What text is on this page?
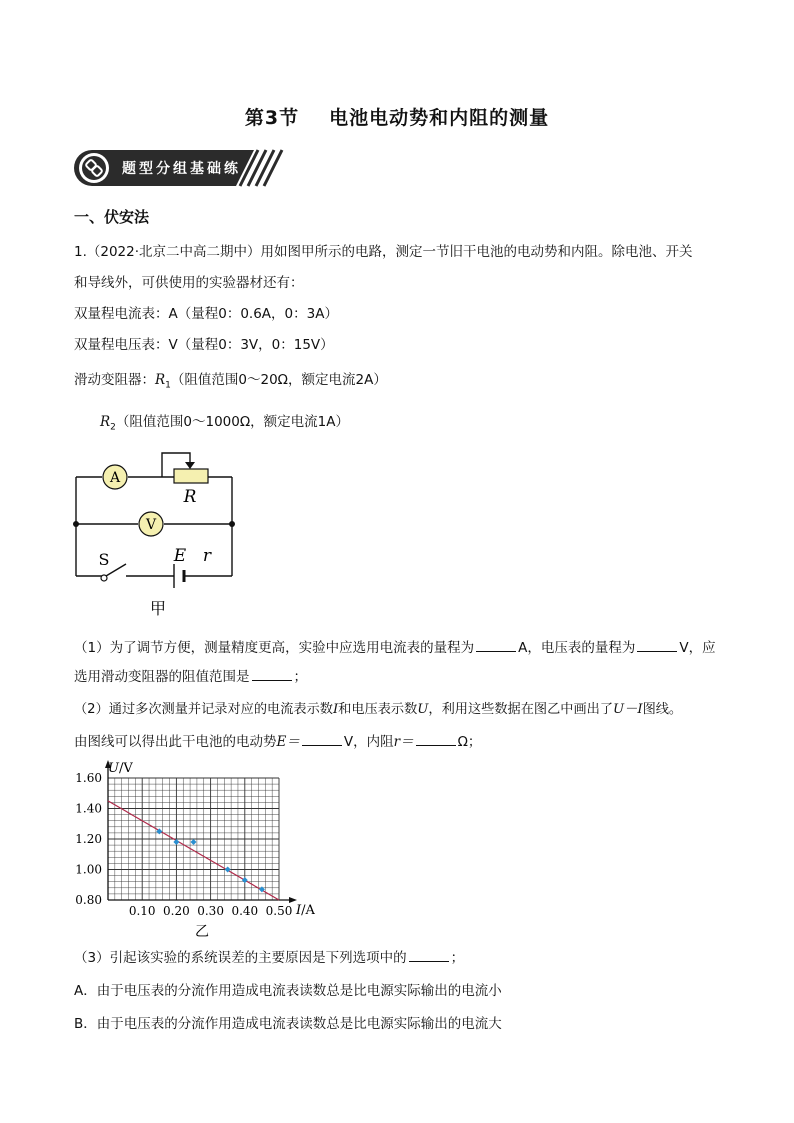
第3节 电池电动势和内阻的测量
题型分组基础练
一、伏安法
1.（2022·北京二中高二期中）用如图甲所示的电路，测定一节旧干电池的电动势和内阻。除电池、开关
和导线外，可供使用的实验器材还有：
双量程电流表：A（量程0：0.6A，0：3A）
双量程电压表：V（量程0：3V，0：15V）
滑动变阻器：$R_1$（阻值范围0～20Ω，额定电流2A）
$R_2$（阻值范围0～1000Ω，额定电流1A）
A
V
R
S	E r
甲
（1）为了调节方便，测量精度更高，实验中应选用电流表的量程为	A，电压表的量程为	V，应
选用滑动变阻器的阻值范围是	；
（2）通过多次测量并记录对应的电流表示数I和电压表示数U，利用这些数据在图乙中画出了U－I图线。
由图线可以得出此干电池的电动势E＝	V，内阻r＝	Ω；
0.10 0.20 0.30 0.40 0.50
0.80
1.00
1.20
1.40
1.60
U/V
I/A
乙
（3）引起该实验的系统误差的主要原因是下列选项中的	；
A．由于电压表的分流作用造成电流表读数总是比电源实际输出的电流小
B．由于电压表的分流作用造成电流表读数总是比电源实际输出的电流大
